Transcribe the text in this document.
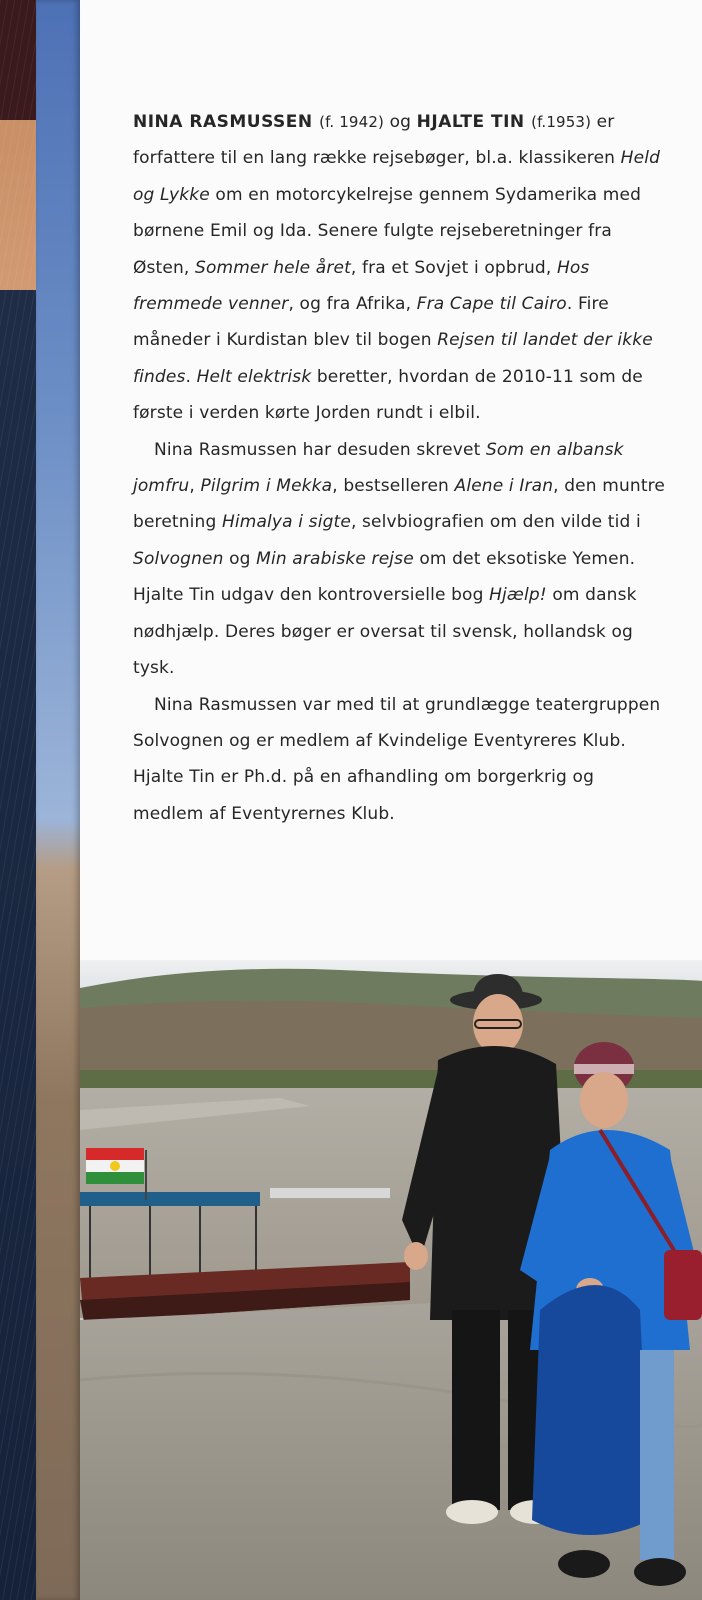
NINA RASMUSSEN (f. 1942) og HJALTE TIN (f.1953) er forfattere til en lang række rejsebøger, bl.a. klassikeren Held og Lykke om en motorcykelrejse gennem Sydamerika med børnene Emil og Ida. Senere fulgte rejseberetninger fra Østen, Sommer hele året, fra et Sovjet i opbrud, Hos fremmede venner, og fra Afrika, Fra Cape til Cairo. Fire måneder i Kurdistan blev til bogen Rejsen til landet der ikke findes. Helt elektrisk beretter, hvordan de 2010-11 som de første i verden kørte Jorden rundt i elbil.

Nina Rasmussen har desuden skrevet Som en albansk jomfru, Pilgrim i Mekka, bestselleren Alene i Iran, den muntre beretning Himalya i sigte, selvbiografien om den vilde tid i Solvognen og Min arabiske rejse om det eksotiske Yemen. Hjalte Tin udgav den kontroversielle bog Hjælp! om dansk nødhjælp. Deres bøger er oversat til svensk, hollandsk og tysk.

Nina Rasmussen var med til at grundlægge teatergruppen Solvognen og er medlem af Kvindelige Eventyreres Klub. Hjalte Tin er Ph.d. på en afhandling om borgerkrig og medlem af Eventyrernes Klub.
